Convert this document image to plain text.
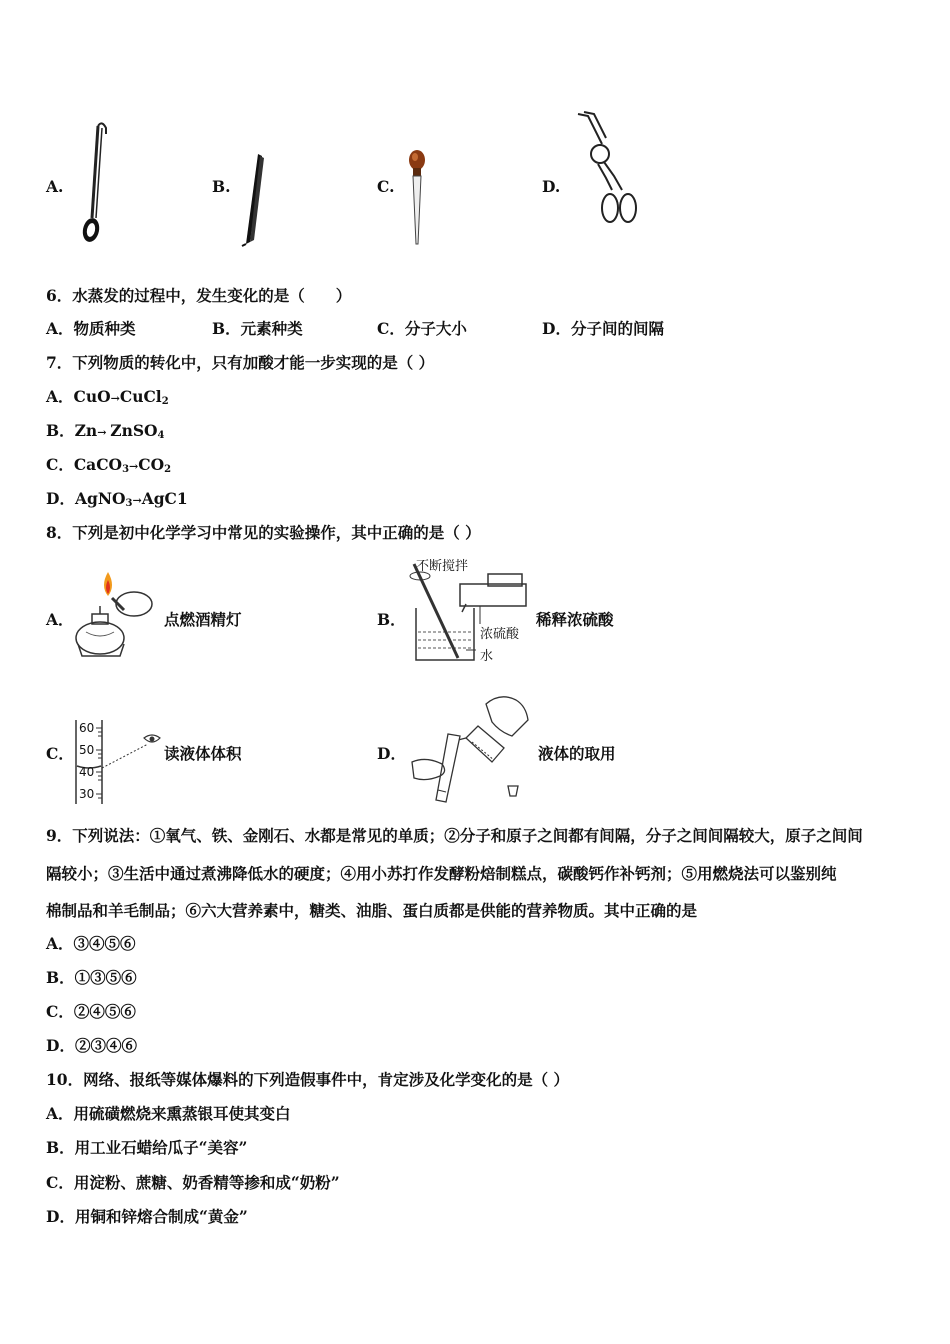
A.	B.	C.	D.
6．水蒸发的过程中，发生变化的是（　　）
A．物质种类	B．元素种类	C．分子大小	D．分子间的间隔
7．下列物质的转化中，只有加酸才能一步实现的是（ ）
A．CuO→CuCl$_2$
B．Zn→ ZnSO$_4$
C．$CaCO_3\to CO_2$
D．AgNO$_3$→AgC1
8．下列是初中化学学习中常见的实验操作，其中正确的是（ ）
A．	点燃酒精灯	B．
不断搅拌
浓硫酸
水
稀释浓硫酸
C．
60
50
40
30
读液体体积	D．	液体的取用
9．下列说法：①氧气、铁、金刚石、水都是常见的单质；②分子和原子之间都有间隔，分子之间间隔较大，原子之间间
隔较小；③生活中通过煮沸降低水的硬度；④用小苏打作发酵粉焙制糕点，碳酸钙作补钙剂；⑤用燃烧法可以鉴别纯
棉制品和羊毛制品；⑥六大营养素中，糖类、油脂、蛋白质都是供能的营养物质。其中正确的是
A．③④⑤⑥
B．①③⑤⑥
C．②④⑤⑥
D．②③④⑥
10．网络、报纸等媒体爆料的下列造假事件中，肯定涉及化学变化的是（ ）
A．用硫磺燃烧来熏蒸银耳使其变白
B．用工业石蜡给瓜子“美容”
C．用淀粉、蔗糖、奶香精等掺和成“奶粉”
D．用铜和锌熔合制成“黄金”
